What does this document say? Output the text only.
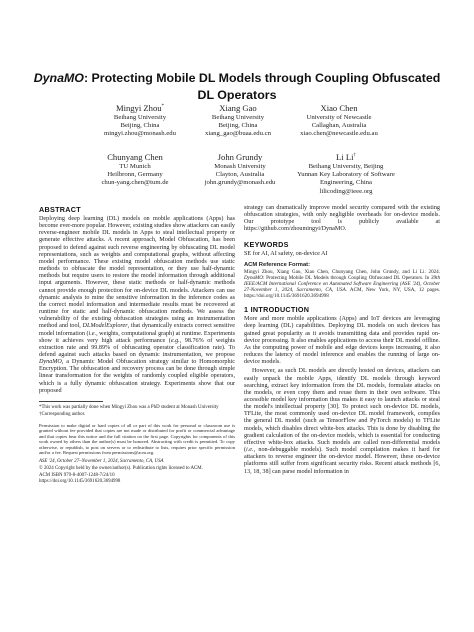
DynaMO: Protecting Mobile DL Models through Coupling Obfuscated DL Operators
Mingyi Zhou*
Beihang University
Beijing, China
mingyi.zhou@monash.edu
Xiang Gao
Beihang University
Beijing, China
xiang_gao@buaa.edu.cn
Xiao Chen
University of Newcastle
Callaghan, Australia
xiao.chen@newcastle.edu.au
Chunyang Chen
TU Munich
Heilbronn, Germany
chun-yang.chen@tum.de
John Grundy
Monash University
Clayton, Australia
john.grundy@monash.edu
Li Li†
Beihang University, Beijing
Yunnan Key Laboratory of Software
Engineering, China
lilicoding@ieee.org
ABSTRACT

Deploying deep learning (DL) models on mobile applications (Apps) has become ever-more popular. However, existing studies show attackers can easily reverse-engineer mobile DL models in Apps to steal intellectual property or generate effective attacks. A recent approach, Model Obfuscation, has been proposed to defend against such reverse engineering by obfuscating DL model representations, such as weights and computational graphs, without affecting model performance. These existing model obfuscation methods use static methods to obfuscate the model representation, or they use half-dynamic methods but require users to restore the model information through additional input arguments. However, these static methods or half-dynamic methods cannot provide enough protection for on-device DL models. Attackers can use dynamic analysis to mine the sensitive information in the inference codes as the correct model information and intermediate results must be recovered at runtime for static and half-dynamic obfuscation methods. We assess the vulnerability of the existing obfuscation strategies using an instrumentation method and tool, DLModelExplorer, that dynamically extracts correct sensitive model information (i.e., weights, computational graph) at runtime. Experiments show it achieves very high attack performance (e.g., 98.76% of weights extraction rate and 99.89% of obfuscating operator classification rate). To defend against such attacks based on dynamic instrumentation, we propose DynaMO, a Dynamic Model Obfuscation strategy similar to Homomorphic Encryption. The obfuscation and recovery process can be done through simple linear transformation for the weights of randomly coupled eligible operators, which is a fully dynamic obfuscation strategy. Experiments show that our proposed

*This work was partially done when Mingyi Zhou was a PhD student at Monash University
†Corresponding author.
Permission to make digital or hard copies of all or part of this work for personal or classroom use is granted without fee provided that copies are not made or distributed for profit or commercial advantage and that copies bear this notice and the full citation on the first page. Copyrights for components of this work owned by others than the author(s) must be honored. Abstracting with credit is permitted. To copy otherwise, or republish, to post on servers or to redistribute to lists, requires prior specific permission and/or a fee. Request permissions from permissions@acm.org.
ASE '24, October 27–November 1, 2024, Sacramento, CA, USA
© 2024 Copyright held by the owner/author(s). Publication rights licensed to ACM.
ACM ISBN 979-8-4007-1248-7/24/10
https://doi.org/10.1145/3691620.3694998

strategy can dramatically improve model security compared with the existing obfuscation strategies, with only negligible overheads for on-device models. Our prototype tool is publicly available at https://github.com/zhoumingyi/DynaMO.

KEYWORDS

SE for AI, AI safety, on-device AI

ACM Reference Format:

Mingyi Zhou, Xiang Gao, Xiao Chen, Chunyang Chen, John Grundy, and Li Li. 2024. DynaMO: Protecting Mobile DL Models through Coupling Obfuscated DL Operators. In 39th IEEE/ACM International Conference on Automated Software Engineering (ASE '24), October 27-November 1, 2024, Sacramento, CA, USA. ACM, New York, NY, USA, 12 pages. https://doi.org/10.1145/3691620.3694998

1 INTRODUCTION

More and more mobile applications (Apps) and IoT devices are leveraging deep learning (DL) capabilities. Deploying DL models on such devices has gained great popularity as it avoids transmitting data and provides rapid on-device processing. It also enables applications to access their DL model offline. As the computing power of mobile and edge devices keeps increasing, it also reduces the latency of model inference and enables the running of large on-device models.

However, as such DL models are directly hosted on devices, attackers can easily unpack the mobile Apps, identify DL models through keyword searching, extract key information from the DL models, formulate attacks on the models, or even copy them and reuse them in their own software. This accessible model key information thus makes it easy to launch attacks or steal the model's intellectual property [30]. To protect such on-device DL models, TFLite, the most commonly used on-device DL model framework, compiles the general DL model (such as TensorFlow and PyTorch models) to TFLite models, which disables direct white-box attacks. This is done by disabling the gradient calculation of the on-device models, which is essential for conducting effective white-box attacks. Such models are called non-differential models (i.e., non-debuggable models). Such model compilation makes it hard for attackers to reverse engineer the on-device model. However, these on-device platforms still suffer from significant security risks. Recent attack methods [6, 13, 18, 38] can parse model information in
